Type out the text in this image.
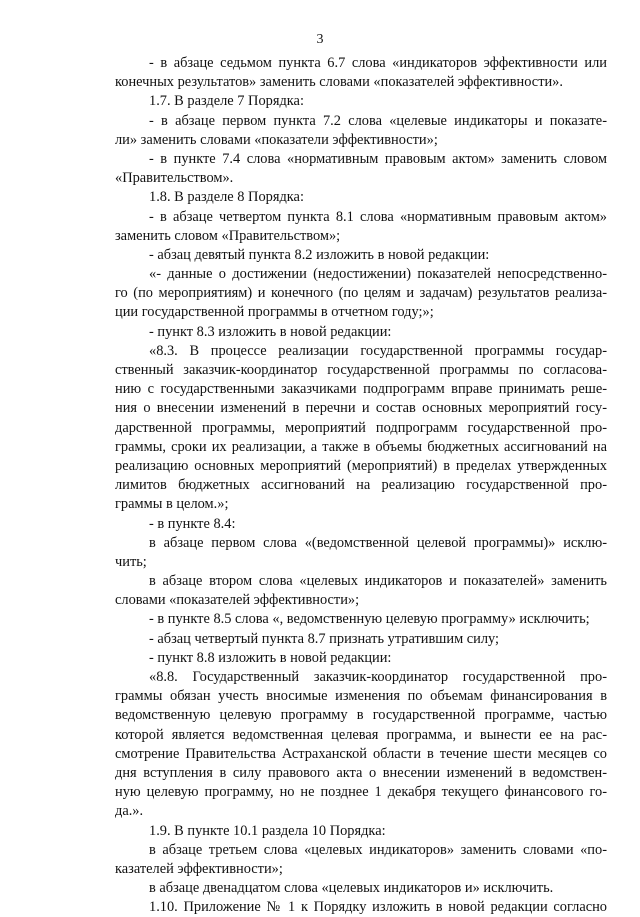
3
- в абзаце седьмом пункта 6.7 слова «индикаторов эффективности или
конечных результатов» заменить словами «показателей эффективности».
1.7. В разделе 7 Порядка:
- в абзаце первом пункта 7.2 слова «целевые индикаторы и показате-
ли» заменить словами «показатели эффективности»;
- в пункте 7.4 слова «нормативным правовым актом» заменить словом
«Правительством».
1.8. В разделе 8 Порядка:
- в абзаце четвертом пункта 8.1 слова «нормативным правовым актом»
заменить словом «Правительством»;
- абзац девятый пункта 8.2 изложить в новой редакции:
«- данные о достижении (недостижении) показателей непосредственно-
го (по мероприятиям) и конечного (по целям и задачам) результатов реализа-
ции государственной программы в отчетном году;»;
- пункт 8.3 изложить в новой редакции:
«8.3. В процессе реализации государственной программы государ-
ственный заказчик-координатор государственной программы по согласова-
нию с государственными заказчиками подпрограмм вправе принимать реше-
ния о внесении изменений в перечни и состав основных мероприятий госу-
дарственной программы, мероприятий подпрограмм государственной про-
граммы, сроки их реализации, а также в объемы бюджетных ассигнований на
реализацию основных мероприятий (мероприятий) в пределах утвержденных
лимитов бюджетных ассигнований на реализацию государственной про-
граммы в целом.»;
- в пункте 8.4:
в абзаце первом слова «(ведомственной целевой программы)» исклю-
чить;
в абзаце втором слова «целевых индикаторов и показателей» заменить
словами «показателей эффективности»;
- в пункте 8.5 слова «, ведомственную целевую программу» исключить;
- абзац четвертый пункта 8.7 признать утратившим силу;
- пункт 8.8 изложить в новой редакции:
«8.8. Государственный заказчик-координатор государственной про-
граммы обязан учесть вносимые изменения по объемам финансирования в
ведомственную целевую программу в государственной программе, частью
которой является ведомственная целевая программа, и вынести ее на рас-
смотрение Правительства Астраханской области в течение шести месяцев со
дня вступления в силу правового акта о внесении изменений в ведомствен-
ную целевую программу, но не позднее 1 декабря текущего финансового го-
да.».
1.9. В пункте 10.1 раздела 10 Порядка:
в абзаце третьем слова «целевых индикаторов» заменить словами «по-
казателей эффективности»;
в абзаце двенадцатом слова «целевых индикаторов и» исключить.
1.10. Приложение № 1 к Порядку изложить в новой редакции согласно
